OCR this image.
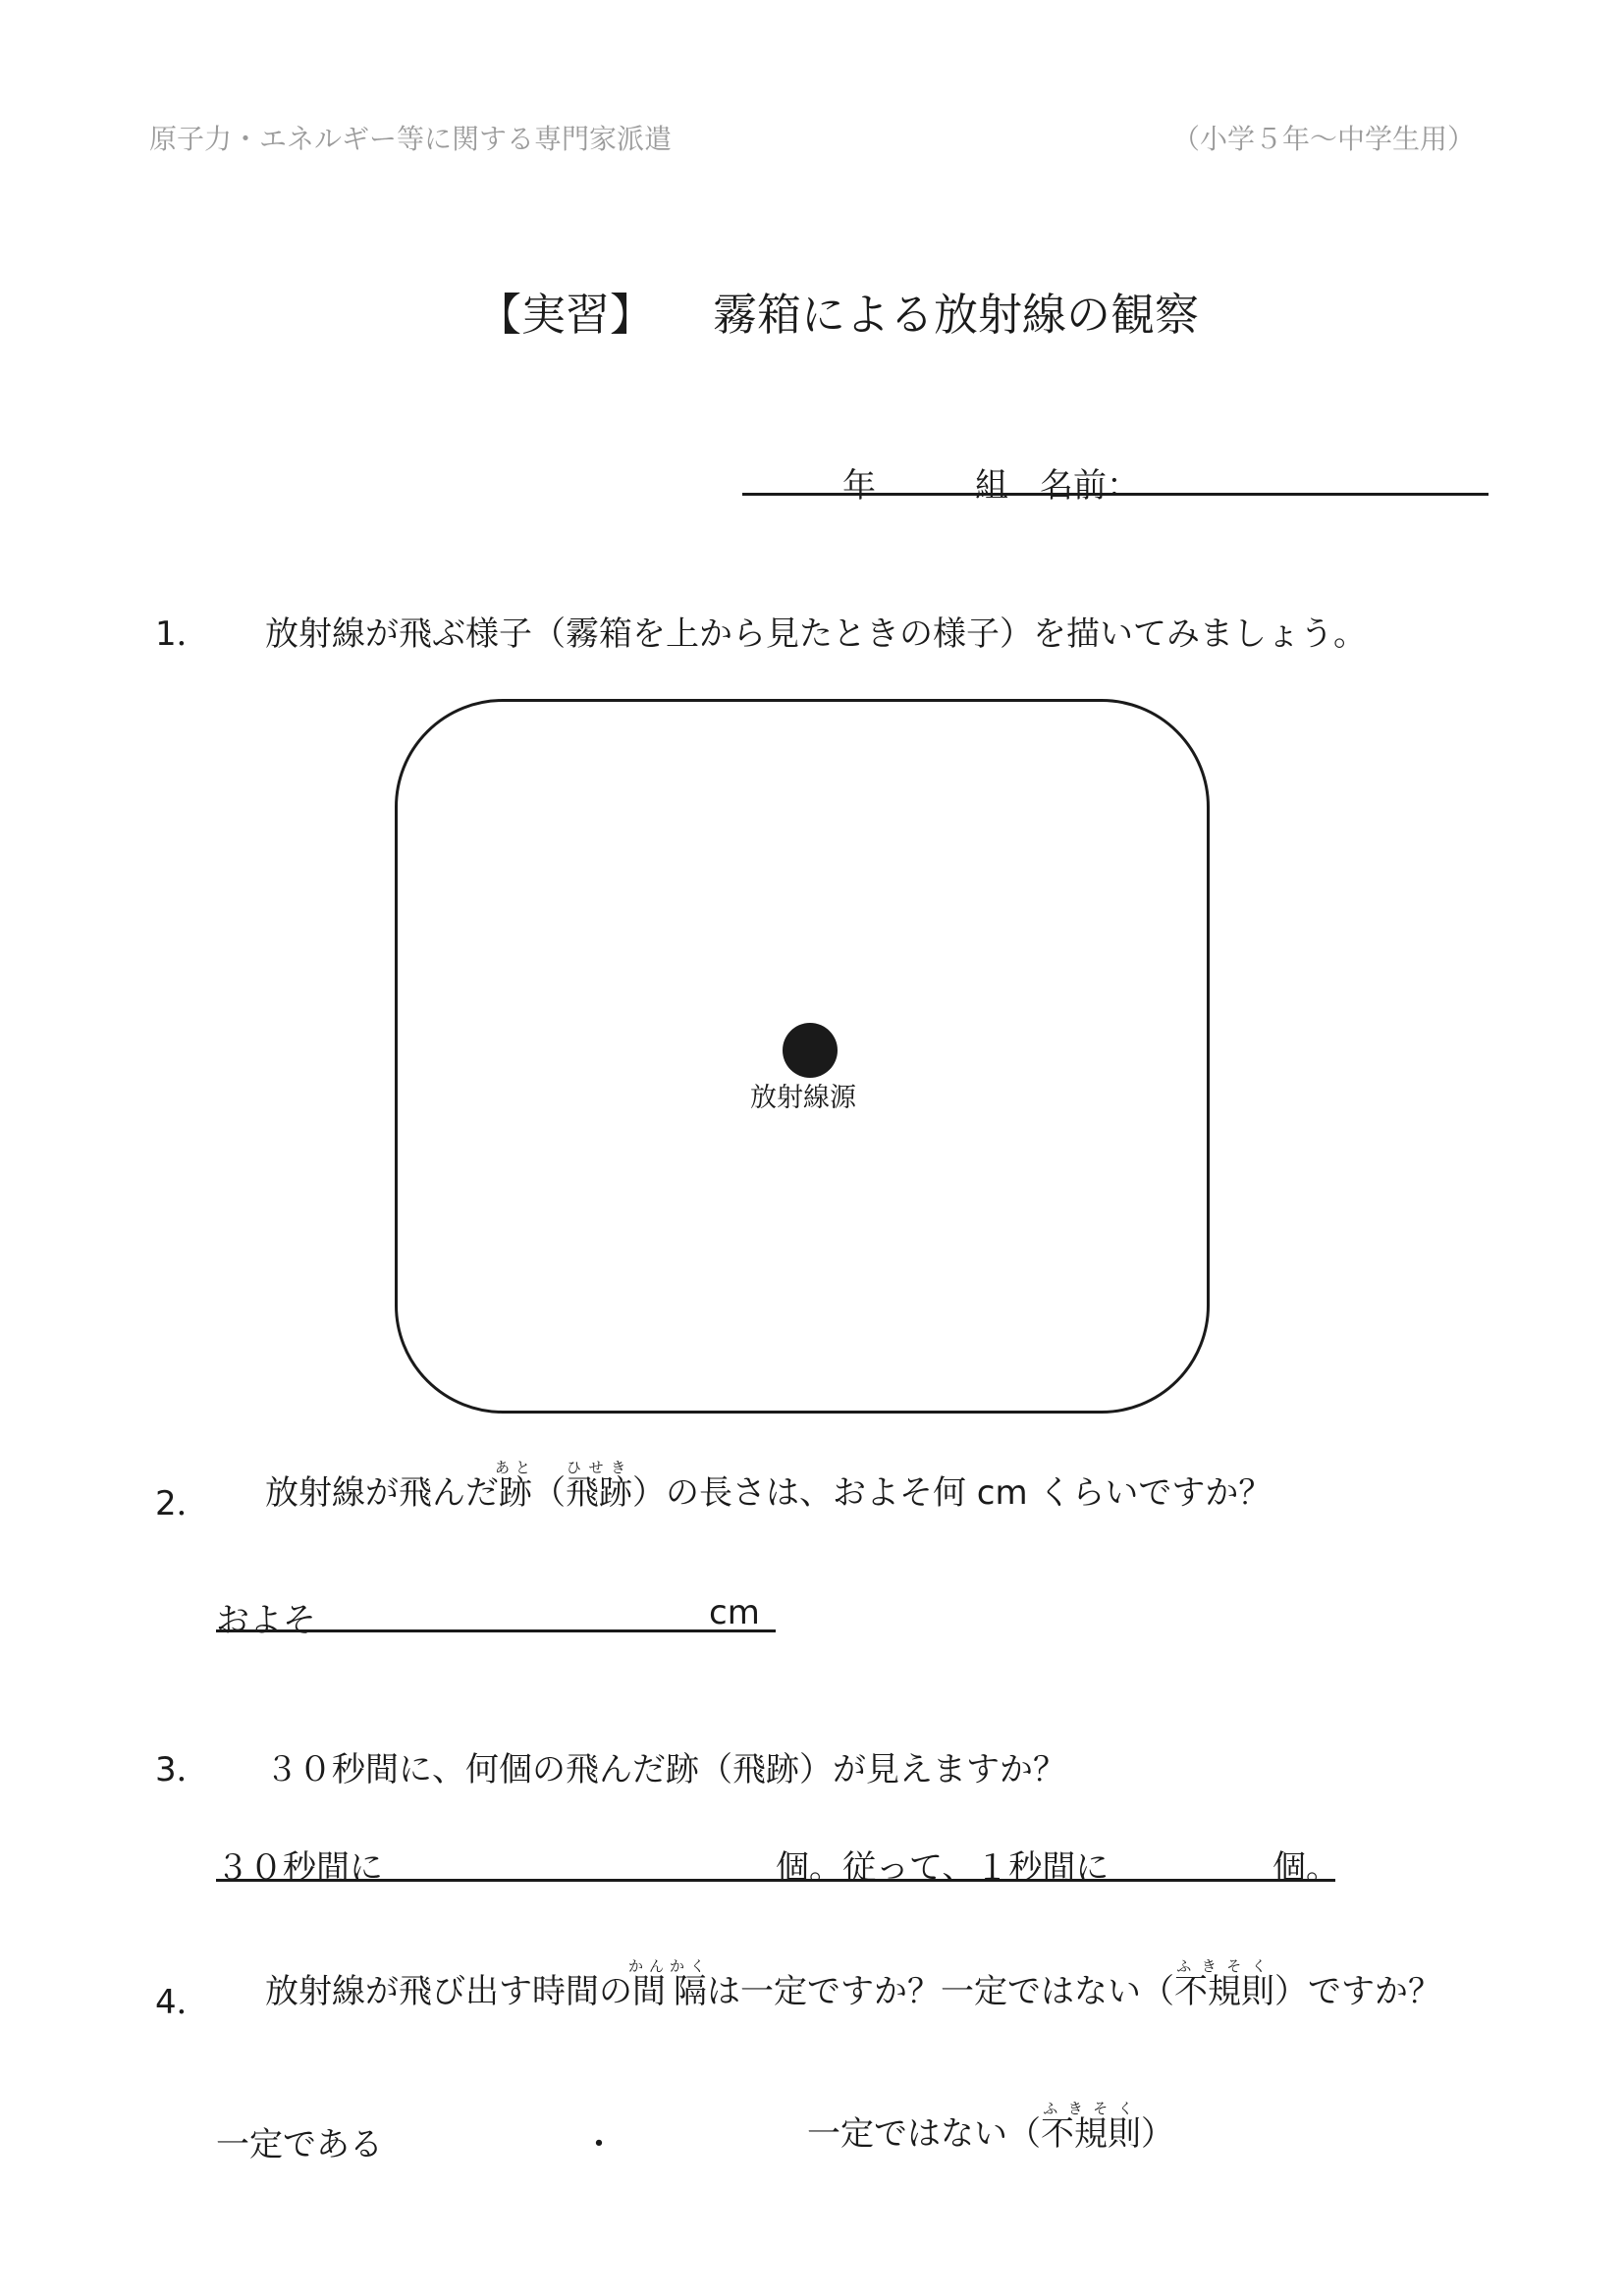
原子力・エネルギー等に関する専門家派遣	（小学５年〜中学生用）
【実習】 霧箱による放射線の観察
年	組 名前：
1． 放射線が飛ぶ様子（霧箱を上から見たときの様子）を描いてみましょう。
放射線源
2． 放射線が飛んだ跡あと（飛跡ひせき）の長さは、およそ何 cm くらいですか？
およそ	cm
3． ３０秒間に、何個の飛んだ跡（飛跡）が見えますか？
３０秒間に	個。従って、１秒間に	個。
4． 放射線が飛び出す時間の間隔かんかくは一定ですか？一定ではない（不規則ふきそく）ですか？
一定である	・	一定ではない（不規則ふきそく）
